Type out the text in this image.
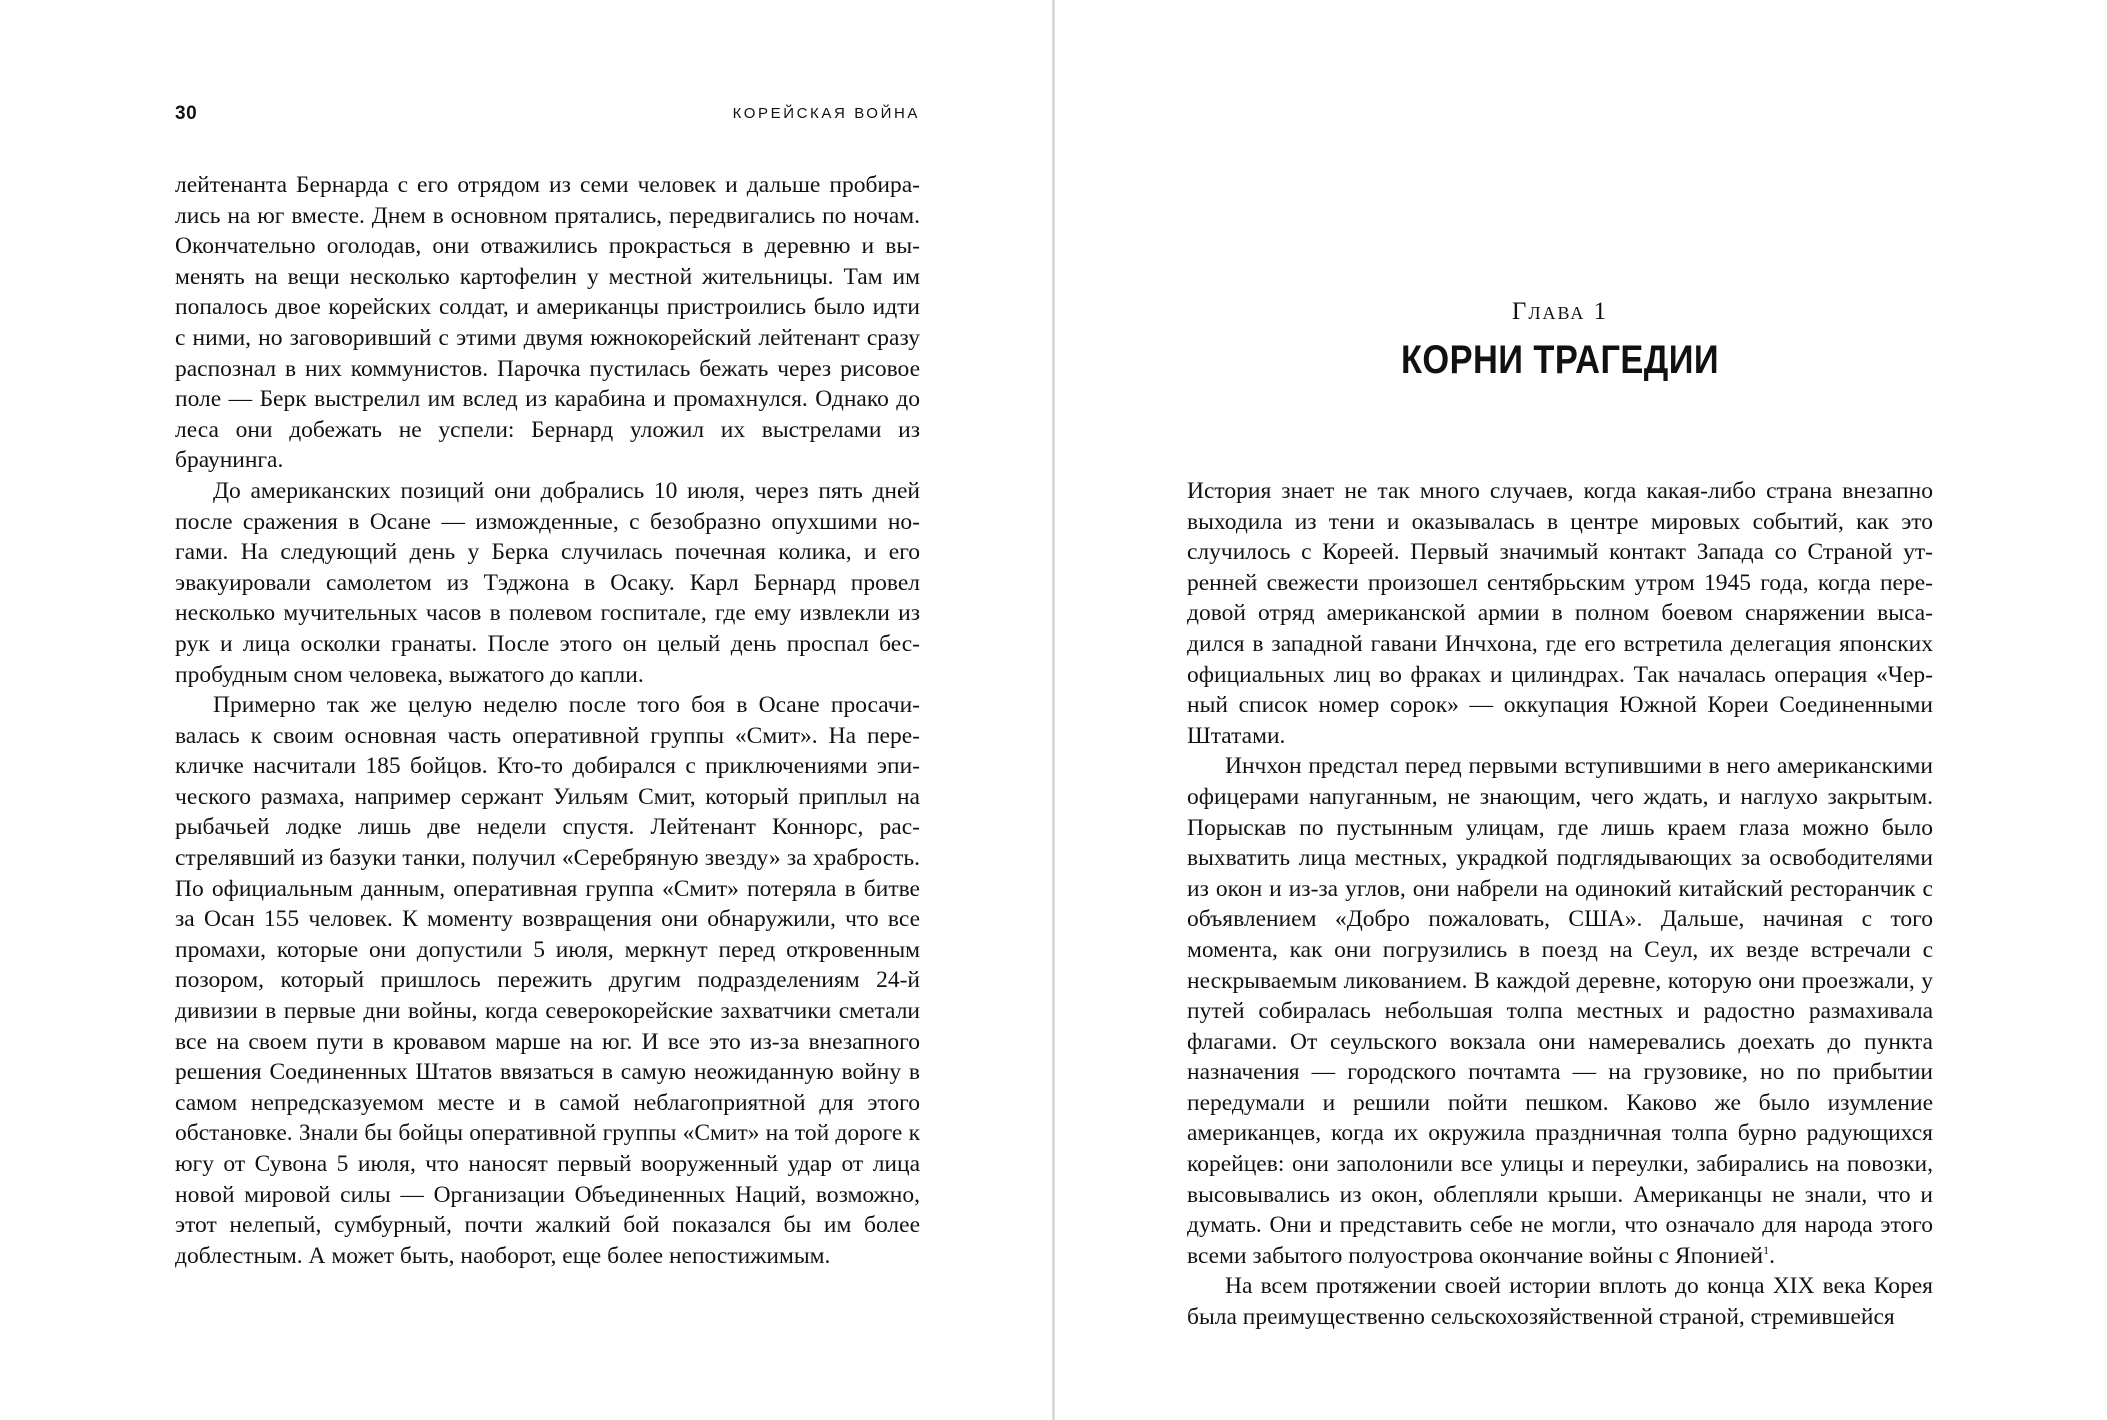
30	КОРЕЙСКАЯ ВОЙНА

лейтенанта Бернарда с его отрядом из семи человек и дальше пробирались на юг вместе. Днем в основном прятались, передвигались по ночам. Окончательно оголодав, они отважились прокрасться в деревню и выменять на вещи несколько картофелин у местной жительницы. Там им попалось двое корейских солдат, и американцы пристроились было идти с ними, но заговоривший с этими двумя южнокорейский лейтенант сразу распознал в них коммунистов. Парочка пустилась бежать через рисовое поле — Берк выстрелил им вслед из карабина и промахнулся. Однако до леса они добежать не успели: Бернард уложил их выстрелами из браунинга.

До американских позиций они добрались 10 июля, через пять дней после сражения в Осане — изможденные, с безобразно опухшими ногами. На следующий день у Берка случилась почечная колика, и его эвакуировали самолетом из Тэджона в Осаку. Карл Бернард провел несколько мучительных часов в полевом госпитале, где ему извлекли из рук и лица осколки гранаты. После этого он целый день проспал беспробудным сном человека, выжатого до капли.

Примерно так же целую неделю после того боя в Осане просачивалась к своим основная часть оперативной группы «Смит». На перекличке насчитали 185 бойцов. Кто-то добирался с приключениями эпического размаха, например сержант Уильям Смит, который приплыл на рыбачьей лодке лишь две недели спустя. Лейтенант Коннорс, расстрелявший из базуки танки, получил «Серебряную звезду» за храбрость. По официальным данным, оперативная группа «Смит» потеряла в битве за Осан 155 человек. К моменту возвращения они обнаружили, что все промахи, которые они допустили 5 июля, меркнут перед откровенным позором, который пришлось пережить другим подразделениям 24-й дивизии в первые дни войны, когда северокорейские захватчики сметали все на своем пути в кровавом марше на юг. И все это из-за внезапного решения Соединенных Штатов ввязаться в самую неожиданную войну в самом непредсказуемом месте и в самой неблагоприятной для этого обстановке. Знали бы бойцы оперативной группы «Смит» на той дороге к югу от Сувона 5 июля, что наносят первый вооруженный удар от лица новой мировой силы — Организации Объединенных Наций, возможно, этот нелепый, сумбурный, почти жалкий бой показался бы им более доблестным. А может быть, наоборот, еще более непостижимым.

Глава 1
КОРНИ ТРАГЕДИИ

История знает не так много случаев, когда какая-либо страна внезапно выходила из тени и оказывалась в центре мировых событий, как это случилось с Кореей. Первый значимый контакт Запада со Страной утренней свежести произошел сентябрьским утром 1945 года, когда передовой отряд американской армии в полном боевом снаряжении высадился в западной гавани Инчхона, где его встретила делегация японских официальных лиц во фраках и цилиндрах. Так началась операция «Черный список номер сорок» — оккупация Южной Кореи Соединенными Штатами.

Инчхон предстал перед первыми вступившими в него американскими офицерами напуганным, не знающим, чего ждать, и наглухо закрытым. Порыскав по пустынным улицам, где лишь краем глаза можно было выхватить лица местных, украдкой подглядывающих за освободителями из окон и из-за углов, они набрели на одинокий китайский ресторанчик с объявлением «Добро пожаловать, США». Дальше, начиная с того момента, как они погрузились в поезд на Сеул, их везде встречали с нескрываемым ликованием. В каждой деревне, которую они проезжали, у путей собиралась небольшая толпа местных и радостно размахивала флагами. От сеульского вокзала они намеревались доехать до пункта назначения — городского почтамта — на грузовике, но по прибытии передумали и решили пойти пешком. Каково же было изумление американцев, когда их окружила праздничная толпа бурно радующихся корейцев: они заполонили все улицы и переулки, забирались на повозки, высовывались из окон, облепляли крыши. Американцы не знали, что и думать. Они и представить себе не могли, что означало для народа этого всеми забытого полуострова окончание войны с Японией$^1$.

На всем протяжении своей истории вплоть до конца XIX века Корея была преимущественно сельскохозяйственной страной, стремившейся
